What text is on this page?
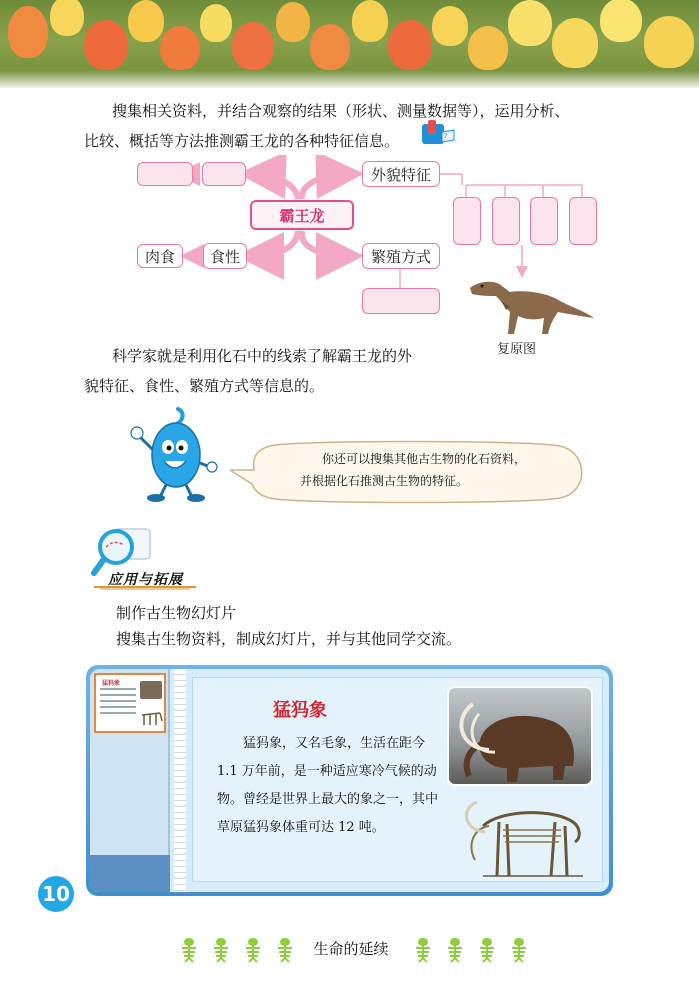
搜集相关资料，并结合观察的结果（形状、测量数据等），运用分析、
比较、概括等方法推测霸王龙的各种特征信息。	?
外貌特征
霸王龙
肉食	食性	繁殖方式
复原图
科学家就是利用化石中的线索了解霸王龙的外
貌特征、食性、繁殖方式等信息的。
你还可以搜集其他古生物的化石资料，
并根据化石推测古生物的特征。
应用与拓展
制作古生物幻灯片
搜集古生物资料，制成幻灯片，并与其他同学交流。
猛犸象
猛犸象
猛犸象，又名毛象，生活在距今 1.1 万年前，是一种适应寒冷气候的动物。曾经是世界上最大的象之一，其中草原猛犸象体重可达 12 吨。
10
生命的延续
